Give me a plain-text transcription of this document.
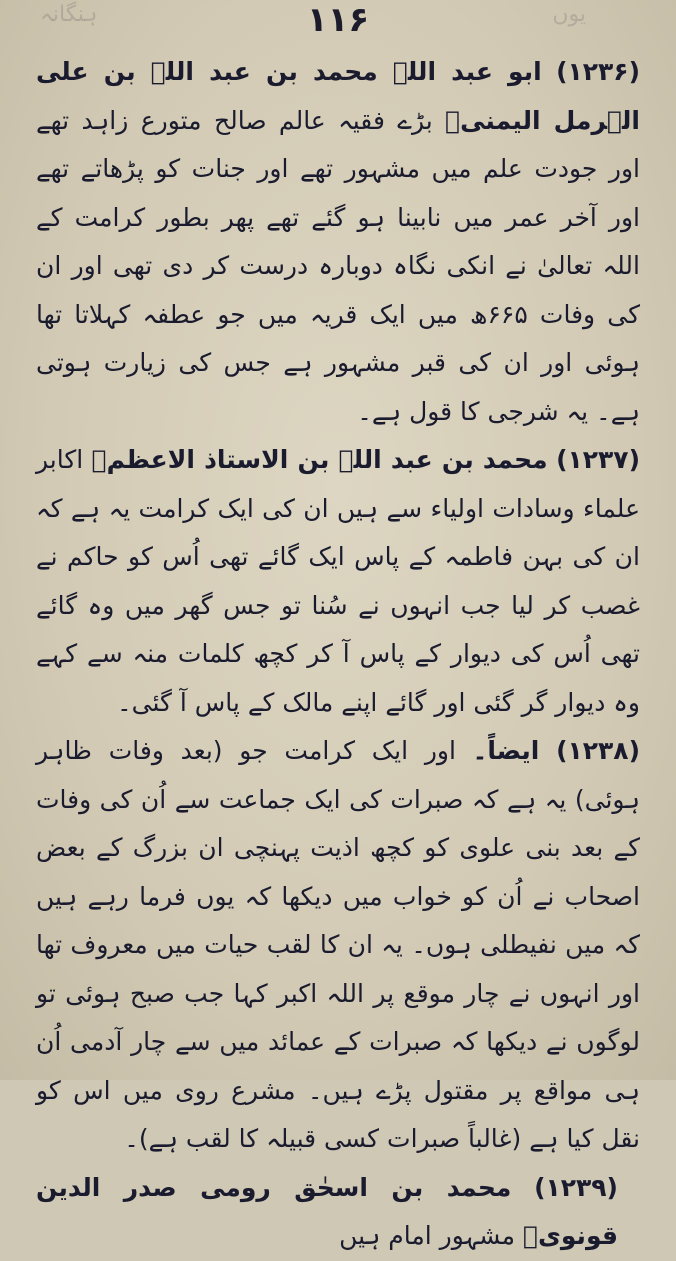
ہنگانہ	یوں
۱۱۶

(۱۲۳۶) ابو عبد اللہ محمد بن عبد اللہ بن علی الہرمل الیمنیؒ بڑے فقیہ عالم صالح متورع زاہد تھے اور جودت علم میں مشہور تھے اور جنات کو پڑھاتے تھے اور آخر عمر میں نابینا ہو گئے تھے پھر بطور کرامت کے اللہ تعالیٰ نے انکی نگاہ دوبارہ درست کر دی تھی اور ان کی وفات ۶۶۵ھ میں ایک قریہ میں جو عطفہ کہلاتا تھا ہوئی اور ان کی قبر مشہور ہے جس کی زیارت ہوتی ہے۔ یہ شرجی کا قول ہے۔

(۱۲۳۷) محمد بن عبد اللہ بن الاستاذ الاعظمؒ اکابر علماء وسادات اولیاء سے ہیں ان کی ایک کرامت یہ ہے کہ ان کی بہن فاطمہ کے پاس ایک گائے تھی اُس کو حاکم نے غصب کر لیا جب انہوں نے سُنا تو جس گھر میں وہ گائے تھی اُس کی دیوار کے پاس آ کر کچھ کلمات منہ سے کہے وہ دیوار گر گئی اور گائے اپنے مالک کے پاس آ گئی۔

(۱۲۳۸) ایضاً۔ اور ایک کرامت جو (بعد وفات ظاہر ہوئی) یہ ہے کہ صبرات کی ایک جماعت سے اُن کی وفات کے بعد بنی علوی کو کچھ اذیت پہنچی ان بزرگ کے بعض اصحاب نے اُن کو خواب میں دیکھا کہ یوں فرما رہے ہیں کہ میں نفیطلی ہوں۔ یہ ان کا لقب حیات میں معروف تھا اور انہوں نے چار موقع پر اللہ اکبر کہا جب صبح ہوئی تو لوگوں نے دیکھا کہ صبرات کے عمائد میں سے چار آدمی اُن ہی مواقع پر مقتول پڑے ہیں۔ مشرع روی میں اس کو نقل کیا ہے (غالباً صبرات کسی قبیلہ کا لقب ہے)۔

(۱۲۳۹) محمد بن اسحٰق رومی صدر الدین قونویؒ مشہور امام ہیں
